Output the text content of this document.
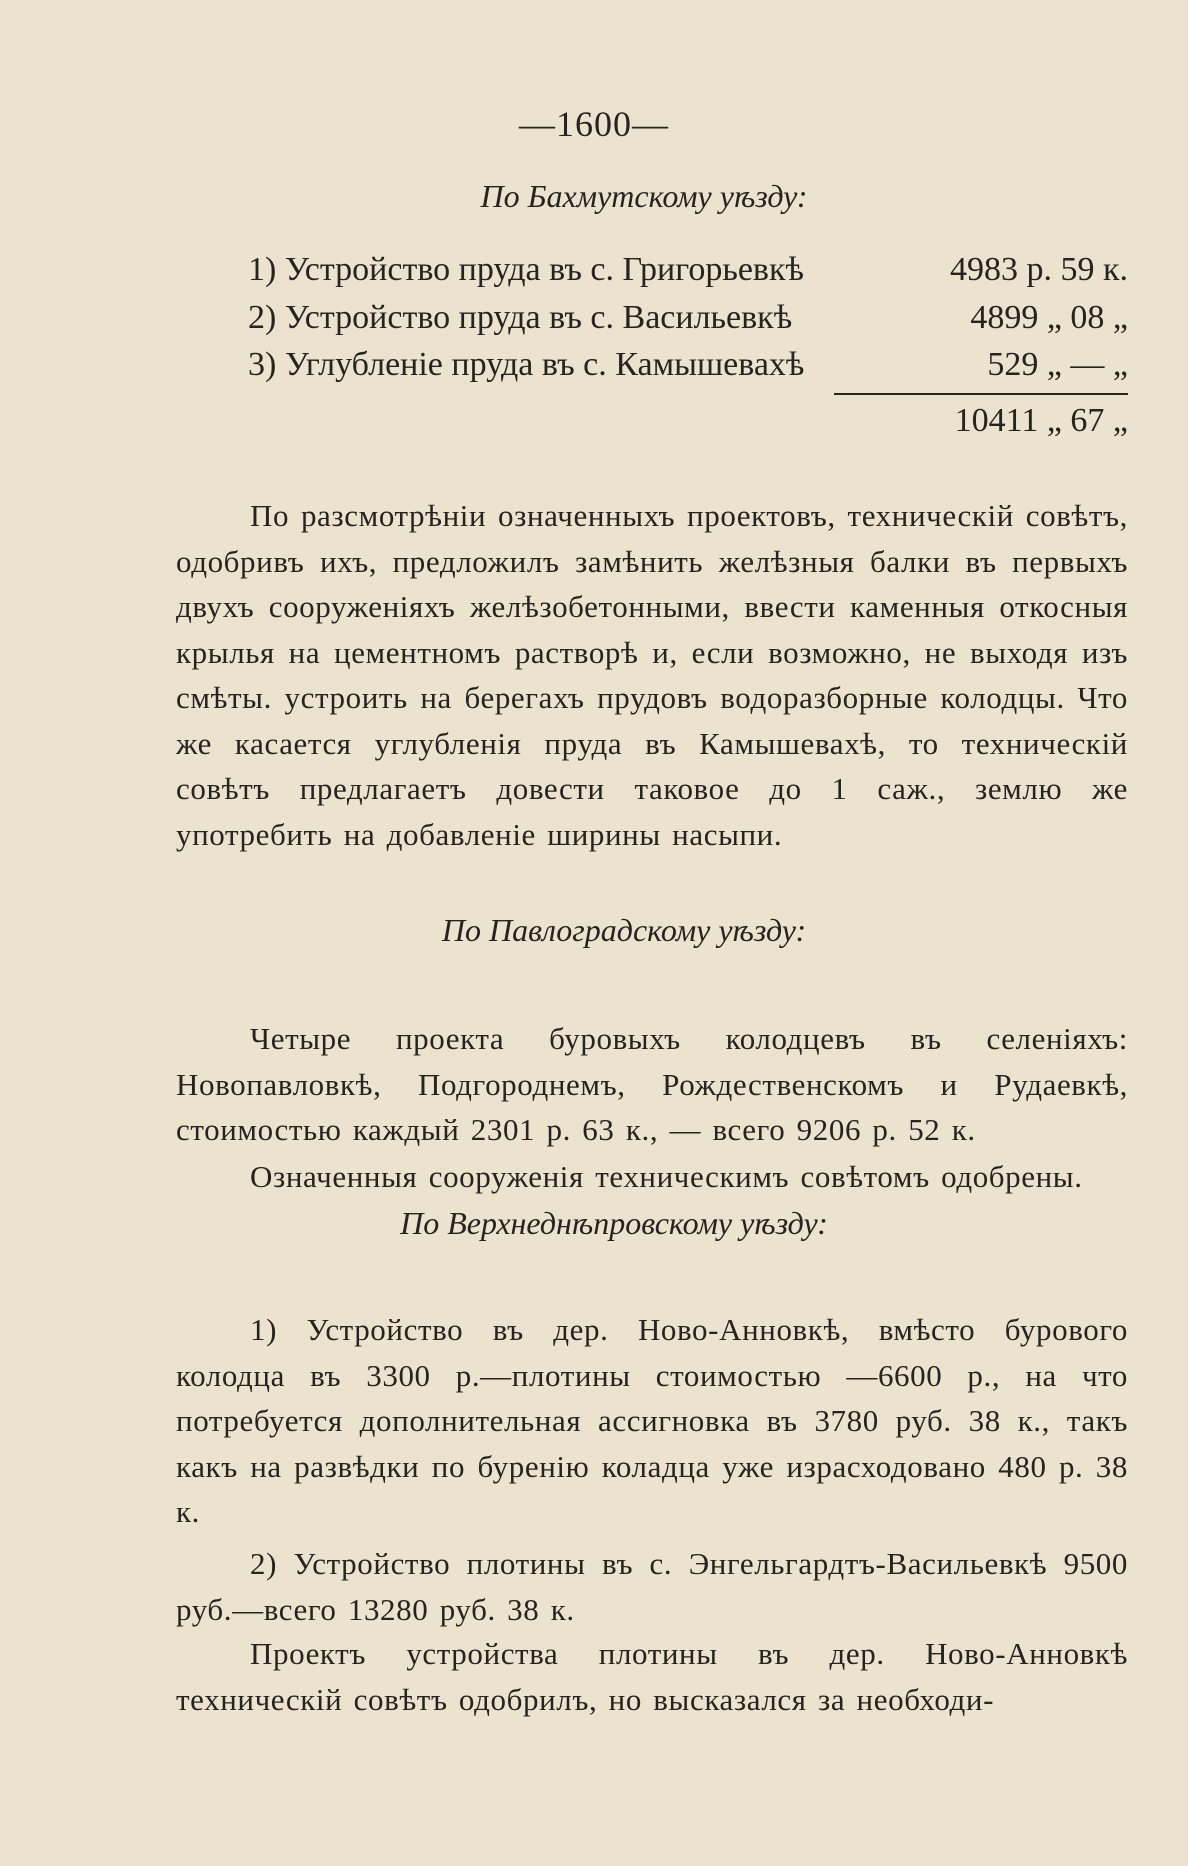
—1600—
По Бахмутскому уѣзду:
1) Устройство пруда въ с. Григорьевкѣ	4983 р. 59 к.
2) Устройство пруда въ с. Васильевкѣ	4899 „ 08 „
3) Углубленіе пруда въ с. Камышевахѣ	529 „ — „
10411 „ 67 „

По разсмотрѣніи означенныхъ проектовъ, техническій совѣтъ, одобривъ ихъ, предложилъ замѣнить желѣзныя балки въ первыхъ двухъ сооруженіяхъ желѣзобетонными, ввести каменныя откосныя крылья на цементномъ растворѣ и, если возможно, не выходя изъ смѣты. устроить на берегахъ прудовъ водоразборные колодцы. Что же касается углубленія пруда въ Камышевахѣ, то техническій совѣтъ предлагаетъ довести таковое до 1 саж., землю же употребить на добавленіе ширины насыпи.

По Павлоградскому уѣзду:

Четыре проекта буровыхъ колодцевъ въ селеніяхъ: Новопавловкѣ, Подгороднемъ, Рождественскомъ и Рудаевкѣ, стоимостью каждый 2301 р. 63 к., — всего 9206 р. 52 к.

Означенныя сооруженія техническимъ совѣтомъ одобрены.

По Верхнеднѣпровскому уѣзду:

1) Устройство въ дер. Ново-Анновкѣ, вмѣсто бурового колодца въ 3300 р.—плотины стоимостью —6600 р., на что потребуется дополнительная ассигновка въ 3780 руб. 38 к., такъ какъ на развѣдки по буренію коладца уже израсходовано 480 р. 38 к.

2) Устройство плотины въ с. Энгельгардтъ-Васильевкѣ 9500 руб.—всего 13280 руб. 38 к.

Проектъ устройства плотины въ дер. Ново-Анновкѣ техническій совѣтъ одобрилъ, но высказался за необходи-
